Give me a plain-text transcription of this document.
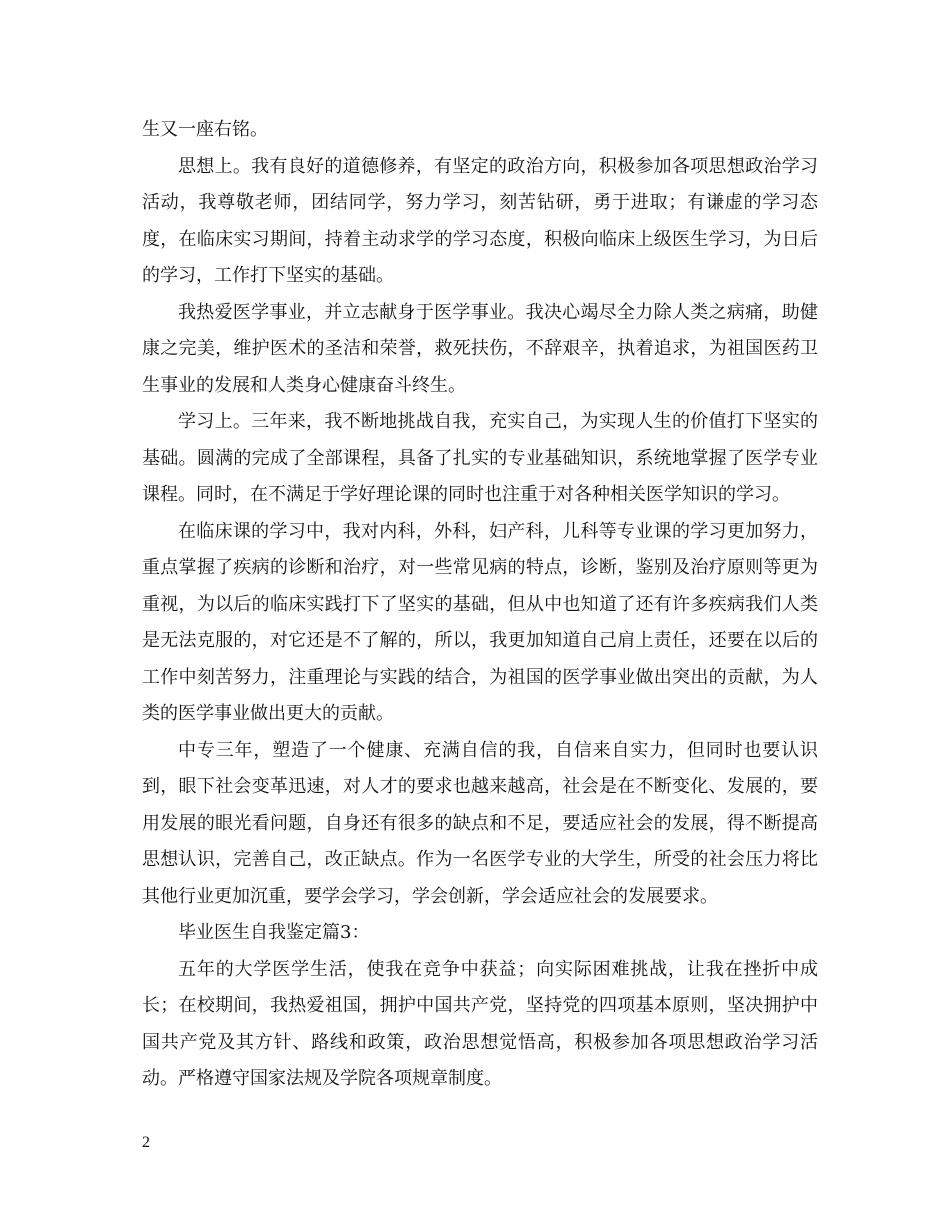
生又一座右铭。

思想上。我有良好的道德修养，有坚定的政治方向，积极参加各项思想政治学习活动，我尊敬老师，团结同学，努力学习，刻苦钻研，勇于进取；有谦虚的学习态度，在临床实习期间，持着主动求学的学习态度，积极向临床上级医生学习，为日后的学习，工作打下坚实的基础。

我热爱医学事业，并立志献身于医学事业。我决心竭尽全力除人类之病痛，助健康之完美，维护医术的圣洁和荣誉，救死扶伤，不辞艰辛，执着追求，为祖国医药卫生事业的发展和人类身心健康奋斗终生。

学习上。三年来，我不断地挑战自我，充实自己，为实现人生的价值打下坚实的基础。圆满的完成了全部课程，具备了扎实的专业基础知识，系统地掌握了医学专业课程。同时，在不满足于学好理论课的同时也注重于对各种相关医学知识的学习。

在临床课的学习中，我对内科，外科，妇产科，儿科等专业课的学习更加努力，重点掌握了疾病的诊断和治疗，对一些常见病的特点，诊断，鉴别及治疗原则等更为重视，为以后的临床实践打下了坚实的基础，但从中也知道了还有许多疾病我们人类是无法克服的，对它还是不了解的，所以，我更加知道自己肩上责任，还要在以后的工作中刻苦努力，注重理论与实践的结合，为祖国的医学事业做出突出的贡献，为人类的医学事业做出更大的贡献。

中专三年，塑造了一个健康、充满自信的我，自信来自实力，但同时也要认识到，眼下社会变革迅速，对人才的要求也越来越高，社会是在不断变化、发展的，要用发展的眼光看问题，自身还有很多的缺点和不足，要适应社会的发展，得不断提高思想认识，完善自己，改正缺点。作为一名医学专业的大学生，所受的社会压力将比其他行业更加沉重，要学会学习，学会创新，学会适应社会的发展要求。

毕业医生自我鉴定篇3：

五年的大学医学生活，使我在竞争中获益；向实际困难挑战，让我在挫折中成长；在校期间，我热爱祖国，拥护中国共产党，坚持党的四项基本原则，坚决拥护中国共产党及其方针、路线和政策，政治思想觉悟高，积极参加各项思想政治学习活动。严格遵守国家法规及学院各项规章制度。

2
